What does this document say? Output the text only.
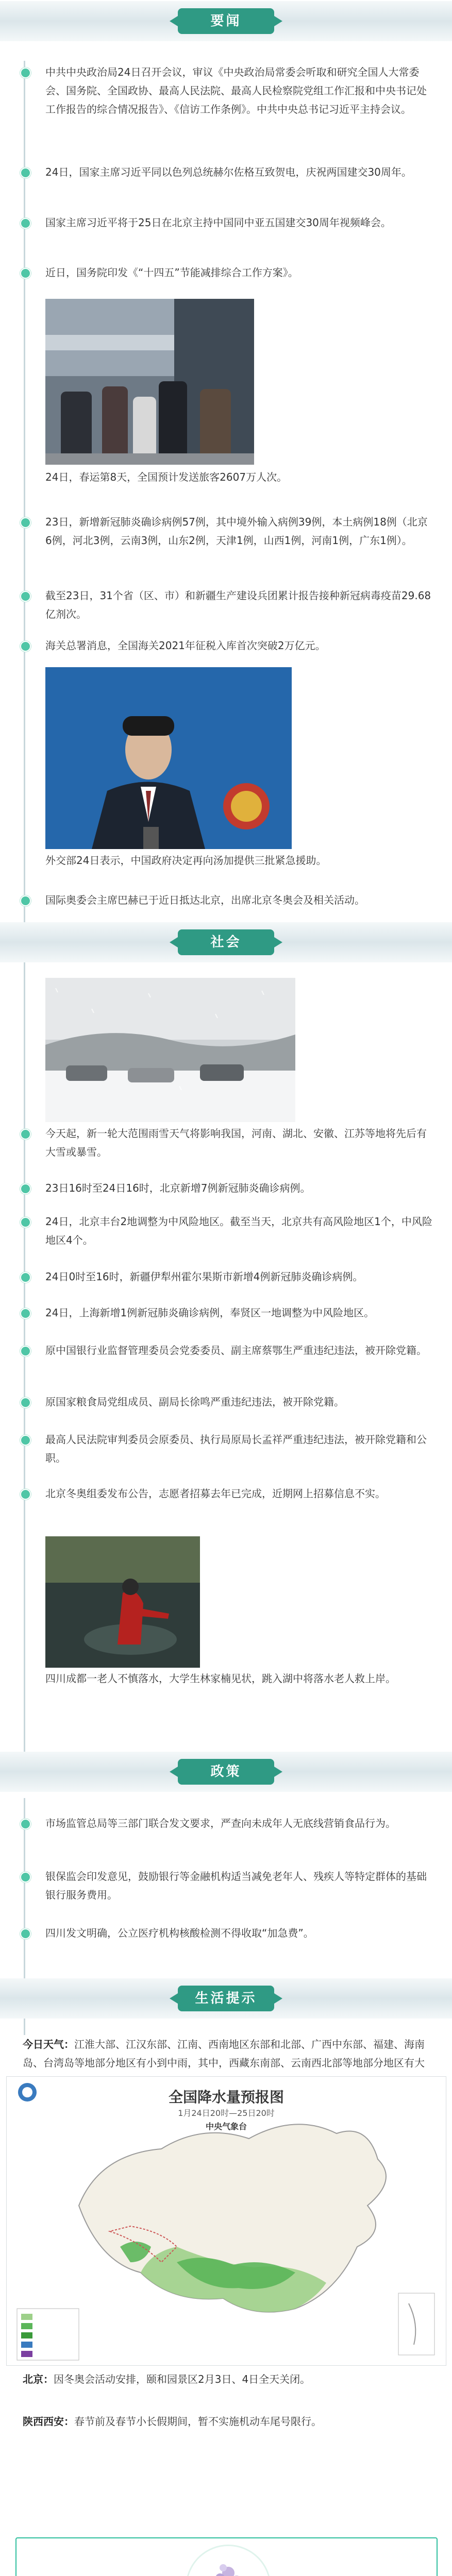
要闻

中共中央政治局24日召开会议，审议《中央政治局常委会听取和研究全国人大常委会、国务院、全国政协、最高人民法院、最高人民检察院党组工作汇报和中央书记处工作报告的综合情况报告》、《信访工作条例》。中共中央总书记习近平主持会议。

24日，国家主席习近平同以色列总统赫尔佐格互致贺电，庆祝两国建交30周年。

国家主席习近平将于25日在北京主持中国同中亚五国建交30周年视频峰会。

近日，国务院印发《“十四五”节能减排综合工作方案》。

24日，春运第8天，全国预计发送旅客2607万人次。

23日，新增新冠肺炎确诊病例57例，其中境外输入病例39例，本土病例18例（北京6例，河北3例，云南3例，山东2例，天津1例，山西1例，河南1例，广东1例）。

截至23日，31个省（区、市）和新疆生产建设兵团累计报告接种新冠病毒疫苗29.68亿剂次。

海关总署消息，全国海关2021年征税入库首次突破2万亿元。

外交部24日表示，中国政府决定再向汤加提供三批紧急援助。

国际奥委会主席巴赫已于近日抵达北京，出席北京冬奥会及相关活动。

社会

今天起，新一轮大范围雨雪天气将影响我国，河南、湖北、安徽、江苏等地将先后有大雪或暴雪。

23日16时至24日16时，北京新增7例新冠肺炎确诊病例。

24日，北京丰台2地调整为中风险地区。截至当天，北京共有高风险地区1个，中风险地区4个。

24日0时至16时，新疆伊犁州霍尔果斯市新增4例新冠肺炎确诊病例。

24日，上海新增1例新冠肺炎确诊病例，奉贤区一地调整为中风险地区。

原中国银行业监督管理委员会党委委员、副主席蔡鄂生严重违纪违法，被开除党籍。

原国家粮食局党组成员、副局长徐鸣严重违纪违法，被开除党籍。

最高人民法院审判委员会原委员、执行局原局长孟祥严重违纪违法，被开除党籍和公职。

北京冬奥组委发布公告，志愿者招募去年已完成，近期网上招募信息不实。

四川成都一老人不慎落水，大学生林家楠见状，跳入湖中将落水老人救上岸。

政策

市场监管总局等三部门联合发文要求，严查向未成年人无底线营销食品行为。

银保监会印发意见，鼓励银行等金融机构适当减免老年人、残疾人等特定群体的基础银行服务费用。

四川发文明确，公立医疗机构核酸检测不得收取“加急费”。

生活提示

今日天气：江淮大部、江汉东部、江南、西南地区东部和北部、广西中东部、福建、海南岛、台湾岛等地部分地区有小到中雨，其中，西藏东南部、云南西北部等地部分地区有大

全国降水量预报图
1月24日20时—25日20时
中央气象台

北京：因冬奥会活动安排，颐和园景区2月3日、4日全天关闭。

陕西西安：春节前及春节小长假期间，暂不实施机动车尾号限行。
